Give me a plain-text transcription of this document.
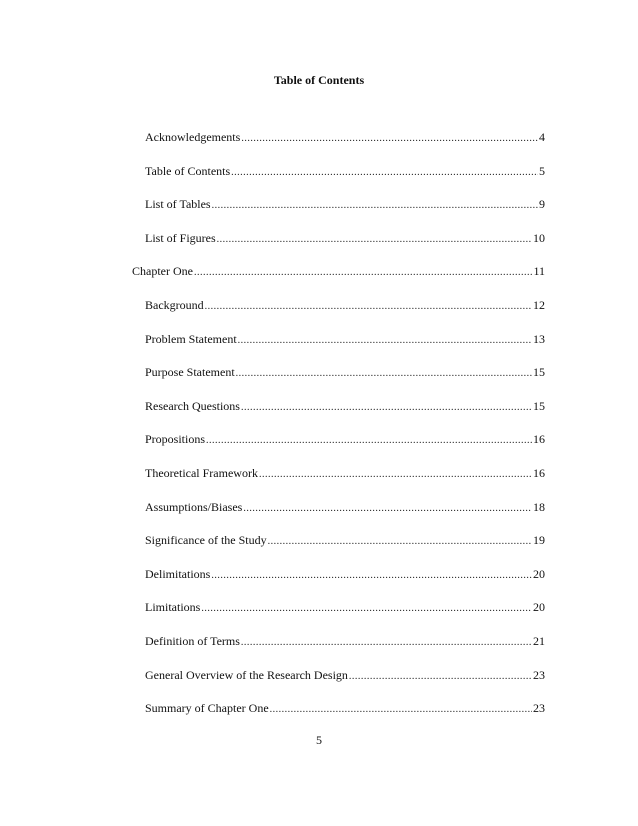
Table of Contents
Acknowledgements .....	4
Table of Contents .....	5
List of Tables .....	9
List of Figures .....	10
Chapter One .....	11
Background .....	12
Problem Statement .....	13
Purpose Statement .....	15
Research Questions .....	15
Propositions .....	16
Theoretical Framework .....	16
Assumptions/Biases .....	18
Significance of the Study .....	19
Delimitations .....	20
Limitations .....	20
Definition of Terms .....	21
General Overview of the Research Design .....	23
Summary of Chapter One .....	23
5
